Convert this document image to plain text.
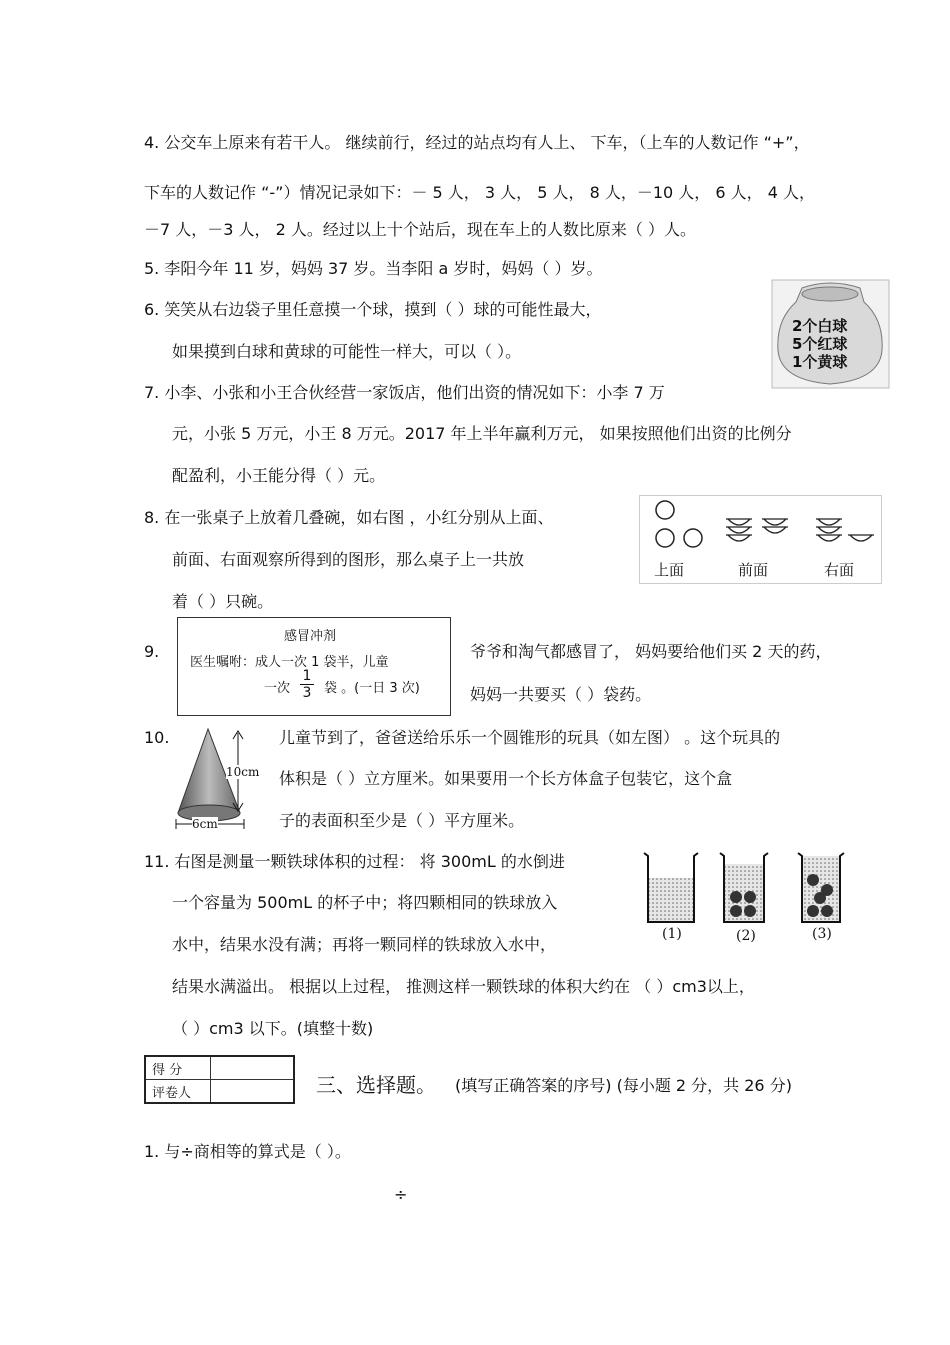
4. 公交车上原来有若干人。 继续前行，经过的站点均有人上、 下车，（上车的人数记作 “+”，
下车的人数记作 “-”）情况记录如下：－ 5 人， 3 人， 5 人， 8 人，－10 人， 6 人， 4 人，
－7 人，－3 人， 2 人。经过以上十个站后，现在车上的人数比原来（ ）人。
5. 李阳今年 11 岁，妈妈 37 岁。当李阳 a 岁时，妈妈（ ）岁。
6. 笑笑从右边袋子里任意摸一个球，摸到（ ）球的可能性最大，
如果摸到白球和黄球的可能性一样大，可以（ ）。
2个白球
5个红球
1个黄球
7. 小李、小张和小王合伙经营一家饭店，他们出资的情况如下：小李 7 万
元，小张 5 万元，小王 8 万元。2017 年上半年赢利万元， 如果按照他们出资的比例分
配盈利，小王能分得（ ）元。
8. 在一张桌子上放着几叠碗，如右图 ，小红分别从上面、
前面、右面观察所得到的图形，那么桌子上一共放
着（ ）只碗。
上面	前面	右面
9.
感冒冲剂
医生嘱咐：成人一次 1 袋半，儿童
一次 $\frac{1}{3}$ 袋 。(一日 3 次)
爷爷和淘气都感冒了， 妈妈要给他们买 2 天的药，
妈妈一共要买（ ）袋药。
10.
10cm
6cm
儿童节到了，爸爸送给乐乐一个圆锥形的玩具（如左图） 。这个玩具的
体积是（ ）立方厘米。如果要用一个长方体盒子包装它，这个盒
子的表面积至少是（ ）平方厘米。
11. 右图是测量一颗铁球体积的过程： 将 300mL 的水倒进
一个容量为 500mL 的杯子中；将四颗相同的铁球放入
水中，结果水没有满；再将一颗同样的铁球放入水中，
结果水满溢出。 根据以上过程， 推测这样一颗铁球的体积大约在 （ ）cm3以上，
（ ）cm3 以下。(填整十数)
(1)	(2)	(3)
得 分	
评卷人		三、选择题。 (填写正确答案的序号) (每小题 2 分，共 26 分)
1. 与÷商相等的算式是（ ）。
÷
